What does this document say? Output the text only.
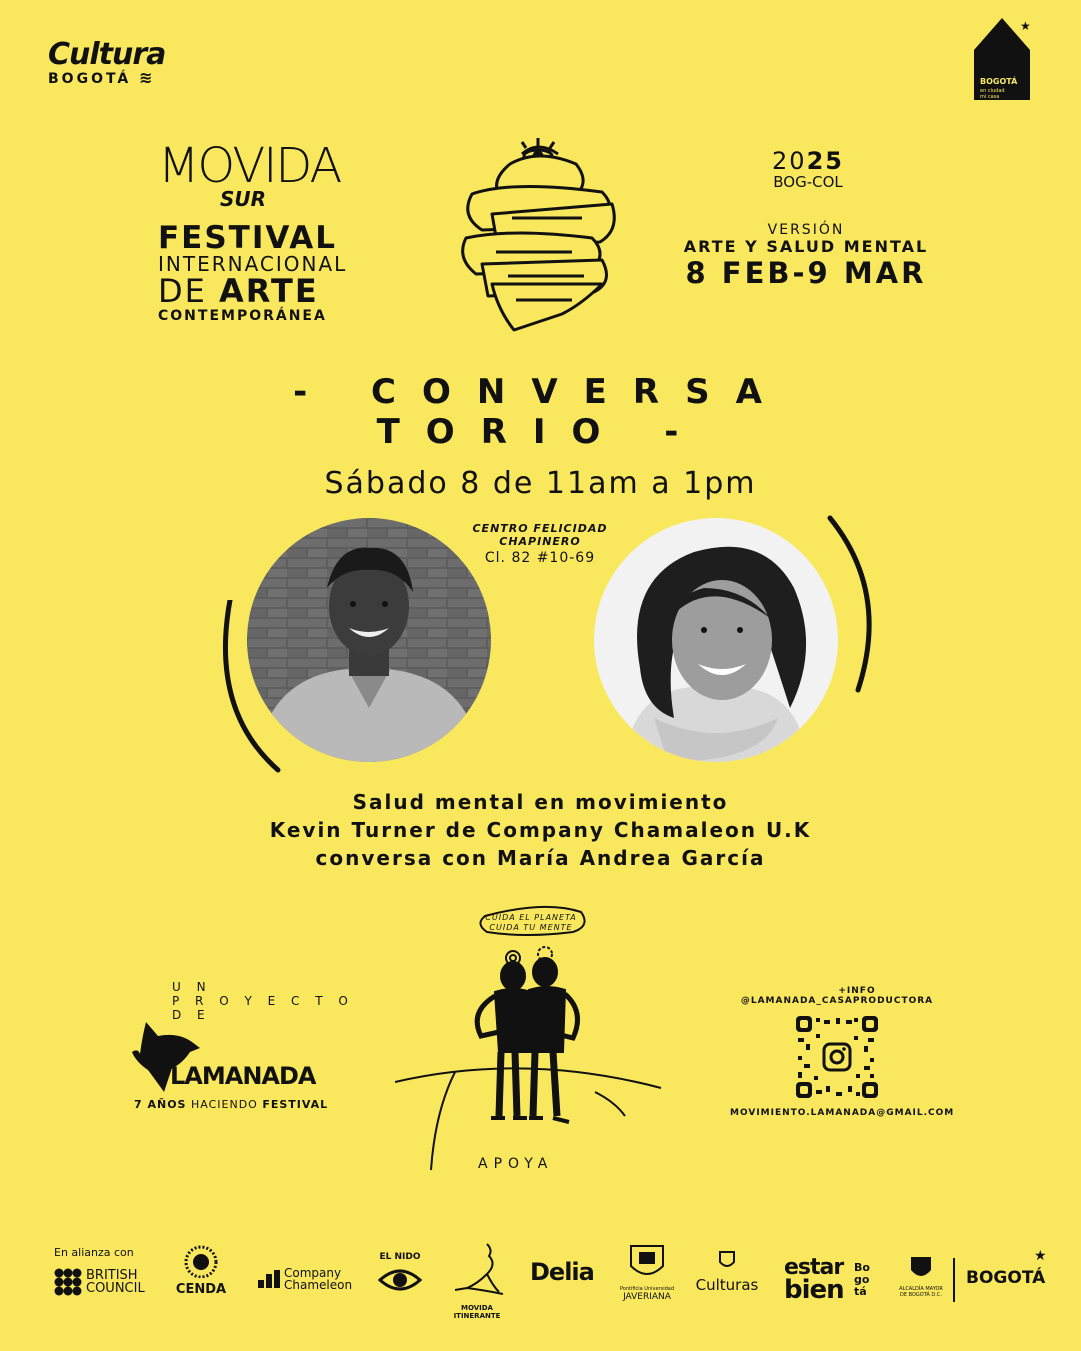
Cultura
BOGOTÁ ≋
★
BOGOTÁ
en ciudad
mi casa
MOVIDA
SUR
FESTIVAL
INTERNACIONAL
DE ARTE
CONTEMPORÁNEA
2025
BOG-COL
VERSIÓN
ARTE Y SALUD MENTAL
8 FEB-9 MAR
- CONVERSA
TORIO -
Sábado 8 de 11am a 1pm
CENTRO FELICIDAD CHAPINERO
Cl. 82 #10-69
Salud mental en movimiento
Kevin Turner de Company Chamaleon U.K
conversa con María Andrea García
U N
P R O Y E C T O
D E
LAMANADA
7 AÑOS HACIENDO FESTIVAL
CUIDA EL PLANETA
CUIDA TU MENTE
APOYA
+INFO
@LAMANADA_CASAPRODUCTORA
MOVIMIENTO.LAMANADA@GMAIL.COM
En alianza con
BRITISH
COUNCIL	CENDA
Company
Chameleon
EL NIDO
MOVIDA ITINERANTE
Delia
Pontificia Universidad
JAVERIANA
Culturas
estar
bien
Bo go tá	ALCALDÍA MAYOR DE BOGOTÁ D.C.
BOGOTÁ
★
